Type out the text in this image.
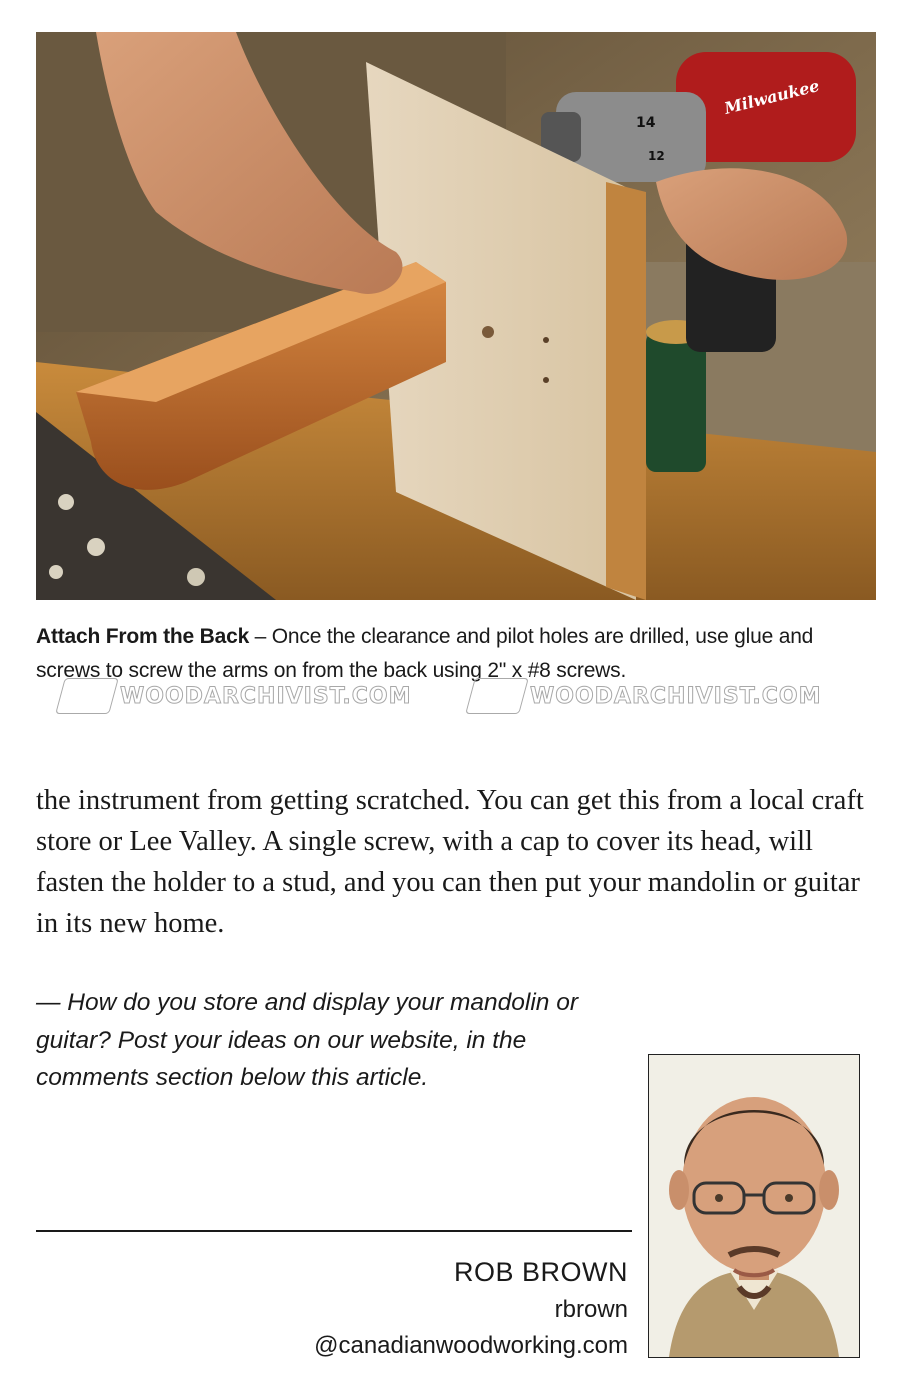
14
12
Milwaukee
Attach From the Back – Once the clearance and pilot holes are drilled, use glue and screws to screw the arms on from the back using 2" x #8 screws.
WOODARCHIVIST.COM	WOODARCHIVIST.COM
the instrument from getting scratched. You can get this from a local craft store or Lee Valley. A single screw, with a cap to cover its head, will fasten the holder to a stud, and you can then put your mandolin or guitar in its new home.
— How do you store and display your mandolin or guitar? Post your ideas on our website, in the comments section below this article.
ROB BROWN
rbrown
@canadianwoodworking.com
